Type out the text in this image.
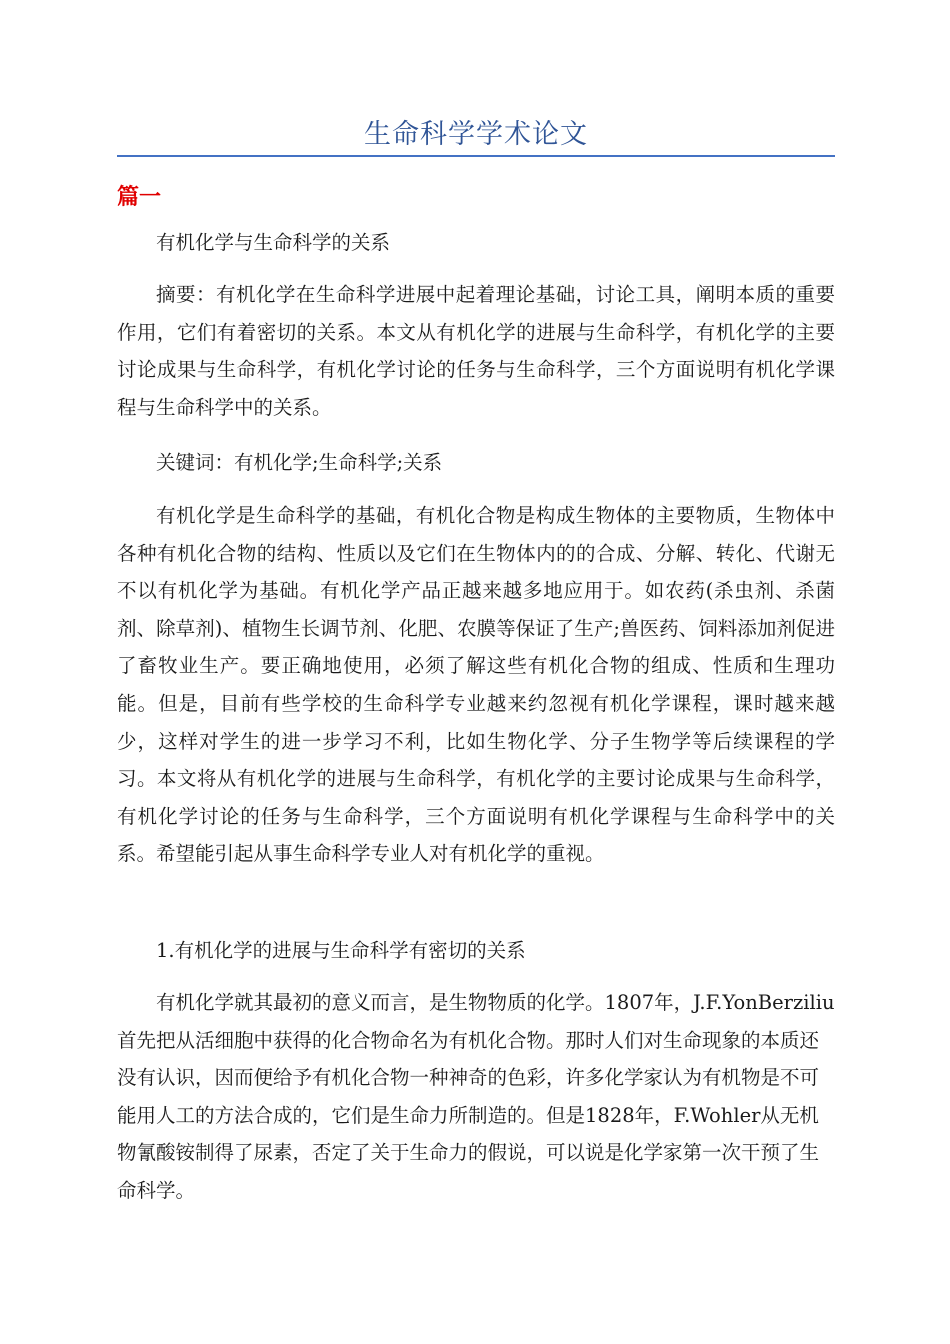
生命科学学术论文
篇一

有机化学与生命科学的关系

摘要：有机化学在生命科学进展中起着理论基础，讨论工具，阐明本质的重要作用，它们有着密切的关系。本文从有机化学的进展与生命科学，有机化学的主要讨论成果与生命科学，有机化学讨论的任务与生命科学，三个方面说明有机化学课程与生命科学中的关系。

关键词：有机化学;生命科学;关系

有机化学是生命科学的基础，有机化合物是构成生物体的主要物质，生物体中各种有机化合物的结构、性质以及它们在生物体内的的合成、分解、转化、代谢无不以有机化学为基础。有机化学产品正越来越多地应用于。如农药(杀虫剂、杀菌剂、除草剂)、植物生长调节剂、化肥、农膜等保证了生产;兽医药、饲料添加剂促进了畜牧业生产。要正确地使用，必须了解这些有机化合物的组成、性质和生理功能。但是，目前有些学校的生命科学专业越来约忽视有机化学课程，课时越来越少，这样对学生的进一步学习不利，比如生物化学、分子生物学等后续课程的学习。本文将从有机化学的进展与生命科学，有机化学的主要讨论成果与生命科学，有机化学讨论的任务与生命科学，三个方面说明有机化学课程与生命科学中的关系。希望能引起从事生命科学专业人对有机化学的重视。

1.有机化学的进展与生命科学有密切的关系

有机化学就其最初的意义而言，是生物物质的化学。1807年，J.F.YonBerziliu首先把从活细胞中获得的化合物命名为有机化合物。那时人们对生命现象的本质还没有认识，因而便给予有机化合物一种神奇的色彩，许多化学家认为有机物是不可能用人工的方法合成的，它们是生命力所制造的。但是1828年，F.Wohler从无机物氰酸铵制得了尿素，否定了关于生命力的假说，可以说是化学家第一次干预了生命科学。
